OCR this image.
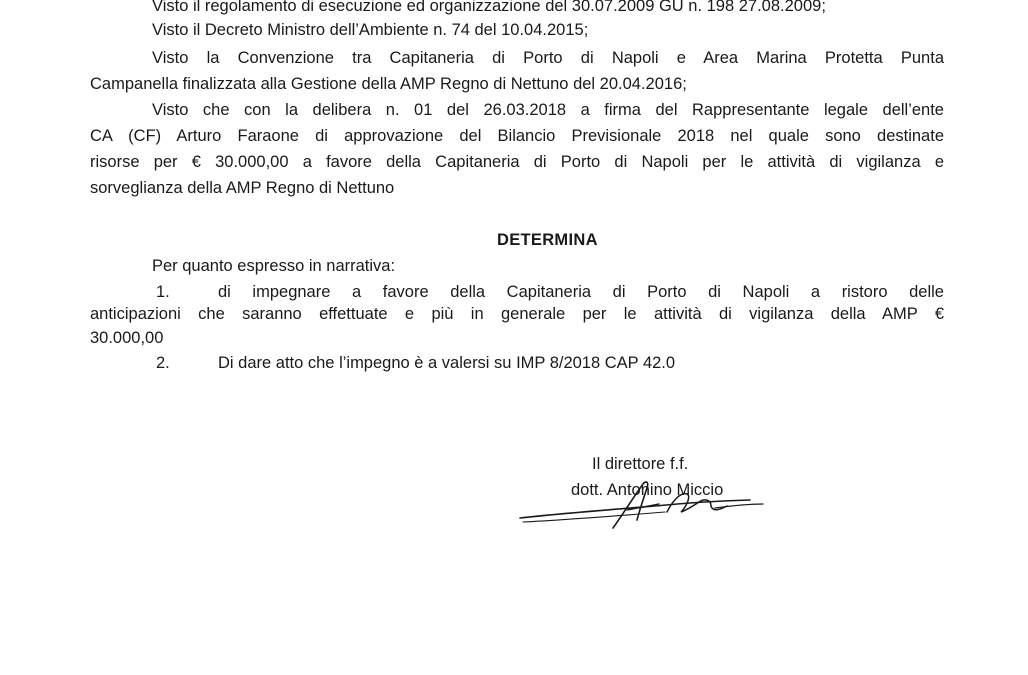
Visto il regolamento di esecuzione ed organizzazione del 30.07.2009 GU n. 198 27.08.2009;
Visto il Decreto Ministro dell’Ambiente n. 74 del 10.04.2015;
Visto la Convenzione tra Capitaneria di Porto di Napoli e Area Marina Protetta Punta
Campanella finalizzata alla Gestione della AMP Regno di Nettuno del 20.04.2016;
Visto che con la delibera n. 01 del 26.03.2018 a firma del Rappresentante legale dell’ente
CA (CF) Arturo Faraone di approvazione del Bilancio Previsionale 2018 nel quale sono destinate
risorse per € 30.000,00 a favore della Capitaneria di Porto di Napoli per le attività di vigilanza e
sorveglianza della AMP Regno di Nettuno
DETERMINA
Per quanto espresso in narrativa:
1.	di impegnare a favore della Capitaneria di Porto di Napoli a ristoro delle
anticipazioni che saranno effettuate e più in generale per le attività di vigilanza della AMP €
30.000,00
2.	Di dare atto che l’impegno è a valersi su IMP 8/2018 CAP 42.0
Il direttore f.f.
dott. Antonino Miccio
